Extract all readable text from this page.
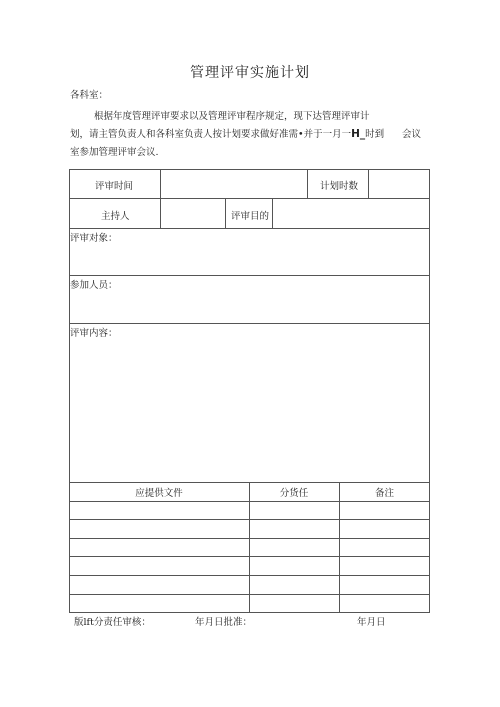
管理评审实施计划
各科室：
根据年度管理评审要求以及管理评审程序规定，现下达管理评审计
划，请主管负责人和各科室负责人按计划要求做好准需•并于一月一H_时到 会议
室参加管理评审会议.
评审时间	计划时数
主持人	评审目的
评审对象：
参加人员：
评审内容：
应提供文件	分货任	备注
版lft分责任审核：	年月日批准：	年月日
